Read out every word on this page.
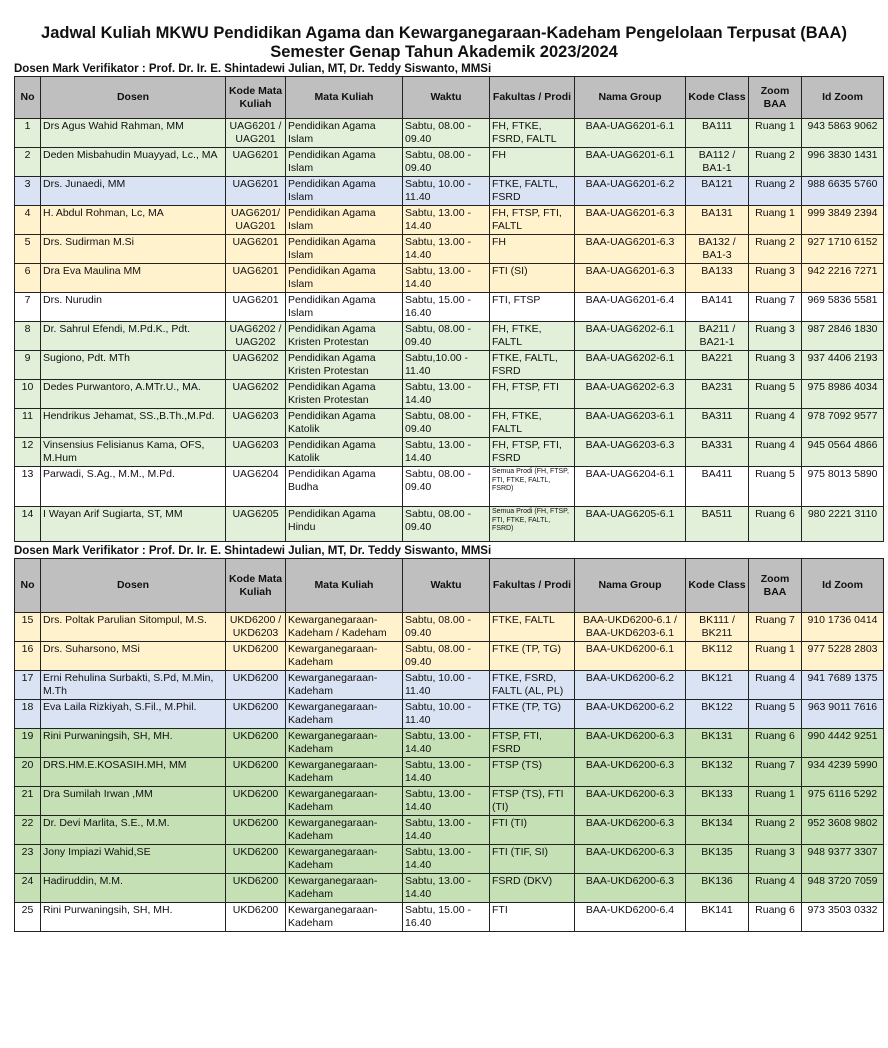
Jadwal Kuliah MKWU Pendidikan Agama dan Kewarganegaraan-Kadeham Pengelolaan Terpusat (BAA)
Semester Genap Tahun Akademik 2023/2024
Dosen Mark Verifikator : Prof. Dr. Ir. E. Shintadewi Julian, MT, Dr. Teddy Siswanto, MMSi
No	Dosen	Kode Mata Kuliah	Mata Kuliah	Waktu	Fakultas / Prodi	Nama Group	Kode Class	Zoom BAA	Id Zoom
1	Drs Agus Wahid Rahman, MM	UAG6201 / UAG201	Pendidikan Agama Islam	Sabtu, 08.00 - 09.40	FH, FTKE, FSRD, FALTL	BAA-UAG6201-6.1	BA111	Ruang 1	943 5863 9062
2	Deden Misbahudin Muayyad, Lc., MA	UAG6201	Pendidikan Agama Islam	Sabtu, 08.00 - 09.40	FH	BAA-UAG6201-6.1	BA112 / BA1-1	Ruang 2	996 3830 1431
3	Drs. Junaedi, MM	UAG6201	Pendidikan Agama Islam	Sabtu, 10.00 - 11.40	FTKE, FALTL, FSRD	BAA-UAG6201-6.2	BA121	Ruang 2	988 6635 5760
4	H. Abdul Rohman, Lc, MA	UAG6201/ UAG201	Pendidikan Agama Islam	Sabtu, 13.00 - 14.40	FH, FTSP, FTI, FALTL	BAA-UAG6201-6.3	BA131	Ruang 1	999 3849 2394
5	Drs. Sudirman M.Si	UAG6201	Pendidikan Agama Islam	Sabtu, 13.00 - 14.40	FH	BAA-UAG6201-6.3	BA132 / BA1-3	Ruang 2	927 1710 6152
6	Dra Eva Maulina MM	UAG6201	Pendidikan Agama Islam	Sabtu, 13.00 - 14.40	FTI (SI)	BAA-UAG6201-6.3	BA133	Ruang 3	942 2216 7271
7	Drs. Nurudin	UAG6201	Pendidikan Agama Islam	Sabtu, 15.00 - 16.40	FTI, FTSP	BAA-UAG6201-6.4	BA141	Ruang 7	969 5836 5581
8	Dr. Sahrul Efendi, M.Pd.K., Pdt.	UAG6202 / UAG202	Pendidikan Agama Kristen Protestan	Sabtu, 08.00 - 09.40	FH, FTKE, FALTL	BAA-UAG6202-6.1	BA211 / BA21-1	Ruang 3	987 2846 1830
9	Sugiono, Pdt. MTh	UAG6202	Pendidikan Agama Kristen Protestan	Sabtu,10.00 - 11.40	FTKE, FALTL, FSRD	BAA-UAG6202-6.1	BA221	Ruang 3	937 4406 2193
10	Dedes Purwantoro, A.MTr.U., MA.	UAG6202	Pendidikan Agama Kristen Protestan	Sabtu, 13.00 - 14.40	FH, FTSP, FTI	BAA-UAG6202-6.3	BA231	Ruang 5	975 8986 4034
11	Hendrikus Jehamat, SS.,B.Th.,M.Pd.	UAG6203	Pendidikan Agama Katolik	Sabtu, 08.00 - 09.40	FH, FTKE, FALTL	BAA-UAG6203-6.1	BA311	Ruang 4	978 7092 9577
12	Vinsensius Felisianus Kama, OFS, M.Hum	UAG6203	Pendidikan Agama Katolik	Sabtu, 13.00 - 14.40	FH, FTSP, FTI, FSRD	BAA-UAG6203-6.3	BA331	Ruang 4	945 0564 4866
13	Parwadi, S.Ag., M.M., M.Pd.	UAG6204	Pendidikan Agama Budha	Sabtu, 08.00 - 09.40	Semua Prodi (FH, FTSP, FTI, FTKE, FALTL, FSRD)	BAA-UAG6204-6.1	BA411	Ruang 5	975 8013 5890
14	I Wayan Arif Sugiarta, ST, MM	UAG6205	Pendidikan Agama Hindu	Sabtu, 08.00 - 09.40	Semua Prodi (FH, FTSP, FTI, FTKE, FALTL, FSRD)	BAA-UAG6205-6.1	BA511	Ruang 6	980 2221 3110
Dosen Mark Verifikator : Prof. Dr. Ir. E. Shintadewi Julian, MT, Dr. Teddy Siswanto, MMSi
No	Dosen	Kode Mata Kuliah	Mata Kuliah	Waktu	Fakultas / Prodi	Nama Group	Kode Class	Zoom BAA	Id Zoom
15	Drs. Poltak Parulian Sitompul, M.S.	UKD6200 / UKD6203	Kewarganegaraan-Kadeham / Kadeham	Sabtu, 08.00 - 09.40	FTKE, FALTL	BAA-UKD6200-6.1 / BAA-UKD6203-6.1	BK111 / BK211	Ruang 7	910 1736 0414
16	Drs. Suharsono, MSi	UKD6200	Kewarganegaraan-Kadeham	Sabtu, 08.00 - 09.40	FTKE (TP, TG)	BAA-UKD6200-6.1	BK112	Ruang 1	977 5228 2803
17	Erni Rehulina Surbakti, S.Pd, M.Min, M.Th	UKD6200	Kewarganegaraan-Kadeham	Sabtu, 10.00 - 11.40	FTKE, FSRD, FALTL (AL, PL)	BAA-UKD6200-6.2	BK121	Ruang 4	941 7689 1375
18	Eva Laila Rizkiyah, S.Fil., M.Phil.	UKD6200	Kewarganegaraan-Kadeham	Sabtu, 10.00 - 11.40	FTKE (TP, TG)	BAA-UKD6200-6.2	BK122	Ruang 5	963 9011 7616
19	Rini Purwaningsih, SH, MH.	UKD6200	Kewarganegaraan-Kadeham	Sabtu, 13.00 - 14.40	FTSP, FTI, FSRD	BAA-UKD6200-6.3	BK131	Ruang 6	990 4442 9251
20	DRS.HM.E.KOSASIH.MH, MM	UKD6200	Kewarganegaraan-Kadeham	Sabtu, 13.00 - 14.40	FTSP (TS)	BAA-UKD6200-6.3	BK132	Ruang 7	934 4239 5990
21	Dra Sumilah Irwan ,MM	UKD6200	Kewarganegaraan-Kadeham	Sabtu, 13.00 - 14.40	FTSP (TS), FTI (TI)	BAA-UKD6200-6.3	BK133	Ruang 1	975 6116 5292
22	Dr. Devi Marlita, S.E., M.M.	UKD6200	Kewarganegaraan-Kadeham	Sabtu, 13.00 - 14.40	FTI (TI)	BAA-UKD6200-6.3	BK134	Ruang 2	952 3608 9802
23	Jony Impiazi Wahid,SE	UKD6200	Kewarganegaraan-Kadeham	Sabtu, 13.00 - 14.40	FTI (TIF, SI)	BAA-UKD6200-6.3	BK135	Ruang 3	948 9377 3307
24	Hadiruddin, M.M.	UKD6200	Kewarganegaraan-Kadeham	Sabtu, 13.00 - 14.40	FSRD (DKV)	BAA-UKD6200-6.3	BK136	Ruang 4	948 3720 7059
25	Rini Purwaningsih, SH, MH.	UKD6200	Kewarganegaraan-Kadeham	Sabtu, 15.00 - 16.40	FTI	BAA-UKD6200-6.4	BK141	Ruang 6	973 3503 0332
